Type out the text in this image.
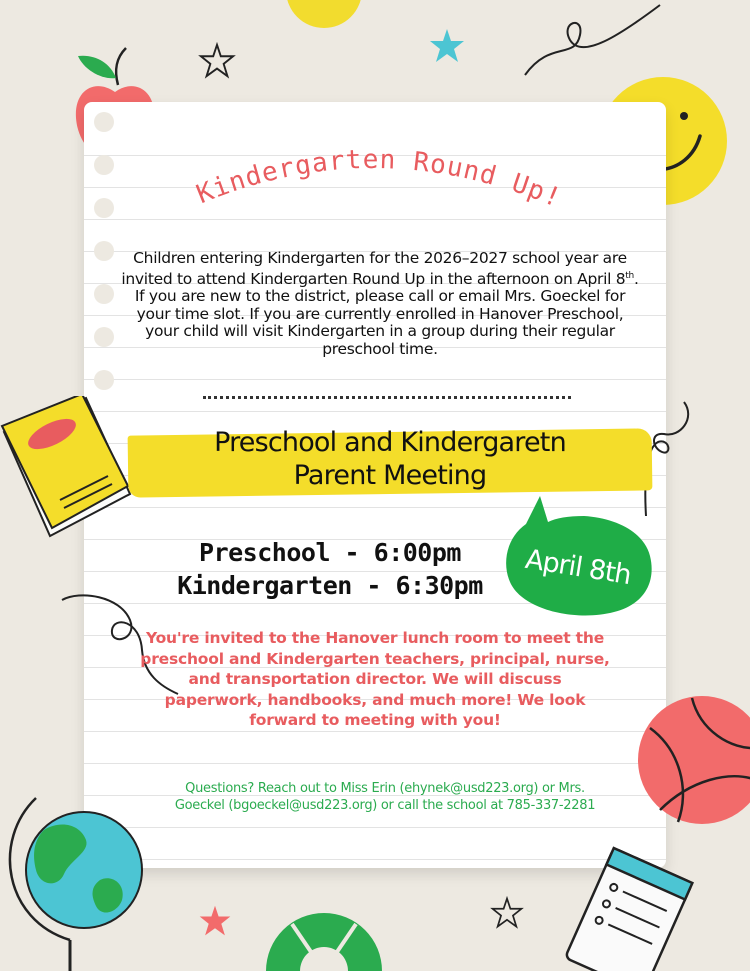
Kindergarten Round Up!
Children entering Kindergarten for the 2026–2027 school year are invited to attend Kindergarten Round Up in the afternoon on April 8th. If you are new to the district, please call or email Mrs. Goeckel for your time slot. If you are currently enrolled in Hanover Preschool, your child will visit Kindergarten in a group during their regular preschool time.
Preschool and Kindergaretn
Parent Meeting
Preschool - 6:00pm
Kindergarten - 6:30pm	April 8th
You're invited to the Hanover lunch room to meet the preschool and Kindergarten teachers, principal, nurse, and transportation director. We will discuss paperwork, handbooks, and much more! We look forward to meeting with you!
Questions? Reach out to Miss Erin (ehynek@usd223.org) or Mrs.
Goeckel (bgoeckel@usd223.org) or call the school at 785-337-2281
